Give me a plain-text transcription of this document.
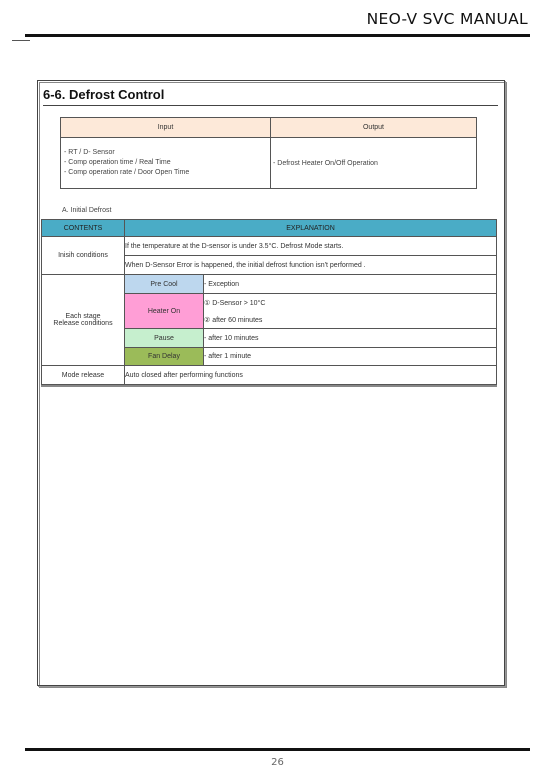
NEO-V SVC MANUAL
6-6. Defrost Control
Input	Output

- RT / D- Sensor
- Comp operation time / Real Time
- Comp operation rate / Door Open Time	- Defrost Heater On/Off Operation
A. Initial Defrost
CONTENTS	EXPLANATION	
Inisih conditions	If the temperature at the D-sensor is under 3.5°C. Defrost Mode starts.	
	When D-Sensor Error is happened, the initial defrost function isn't performed .	

Each stage
Release conditions	Pre Cool	- Exception
	Heater On	① D-Sensor > 10°C
		② after 60 minutes
	Pause	- after 10 minutes
	Fan Delay	- after 1 minute
Mode release	Auto closed after performing functions	
26
